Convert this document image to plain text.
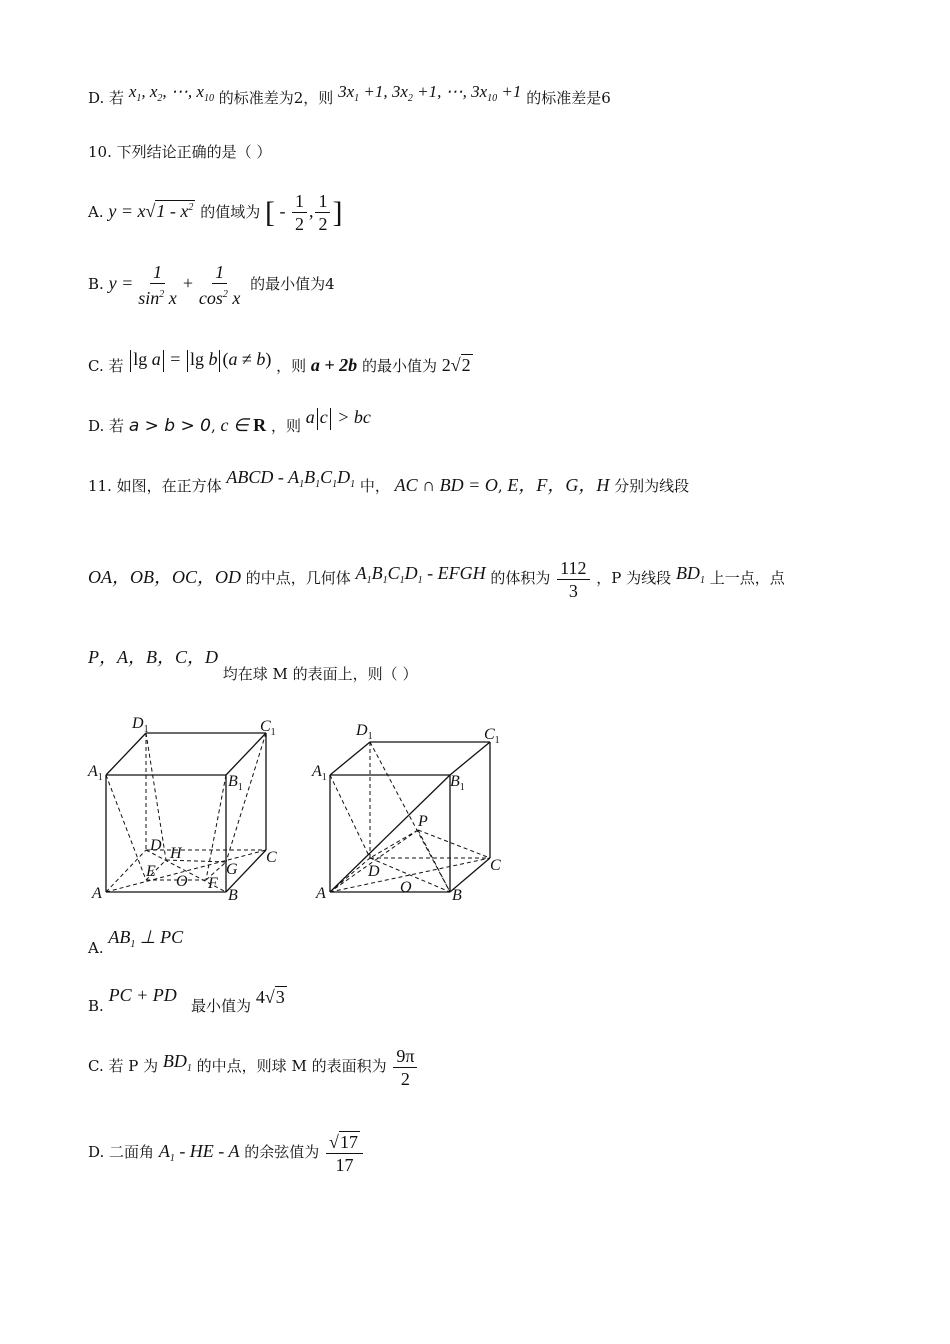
D. 若 $x_1$, $x_2$, ⋯, $x_{10}$ 的标准差为2，则 $3x_1 +1$, $3x_2 +1$, ⋯, $3x_{10} +1$ 的标准差是6
10. 下列结论正确的是（ ）
A. $y = x√1 - x^2$ 的值域为 [ - $\frac{1}{2}$ , $\frac{1}{2}$ ]
B. $y = \frac{1}{\sin^2 x} + \frac{1}{\cos^2 x}$ 的最小值为4
C. 若 lg a = lg b (a ≠ b) ，则 a + 2b 的最小值为 2√2
D. 若 a > b > 0, c ∈ R ，则 a c > bc
11. 如图，在正方体 ABCD - $A_1B_1C_1D_1$ 中， AC ∩ BD = O, E，F，G，H 分别为线段
OA，OB，OC，OD 的中点，几何体 $A_1B_1C_1D_1$ - EFGH 的体积为 $\frac{112}{3}$ ，P 为线段 $BD_1$ 上一点，点
P，A，B，C，D 均在球 M 的表面上，则（ ）
$D_1$	$C_1$
$A_1$	$B_1$
D H	C
E	G
O F
A	B
$D_1$	$C_1$
$A_1$	$B_1$
P
D	C
O
A	B
A. $AB_1$ ⊥ PC
B. PC + PD   最小值为 4√3
C. 若 P 为 $BD_1$ 的中点，则球 M 的表面积为 $\frac{9\pi}{2}$
D. 二面角 $A_1$ - HE - A 的余弦值为 $\frac{√17}{17}$
